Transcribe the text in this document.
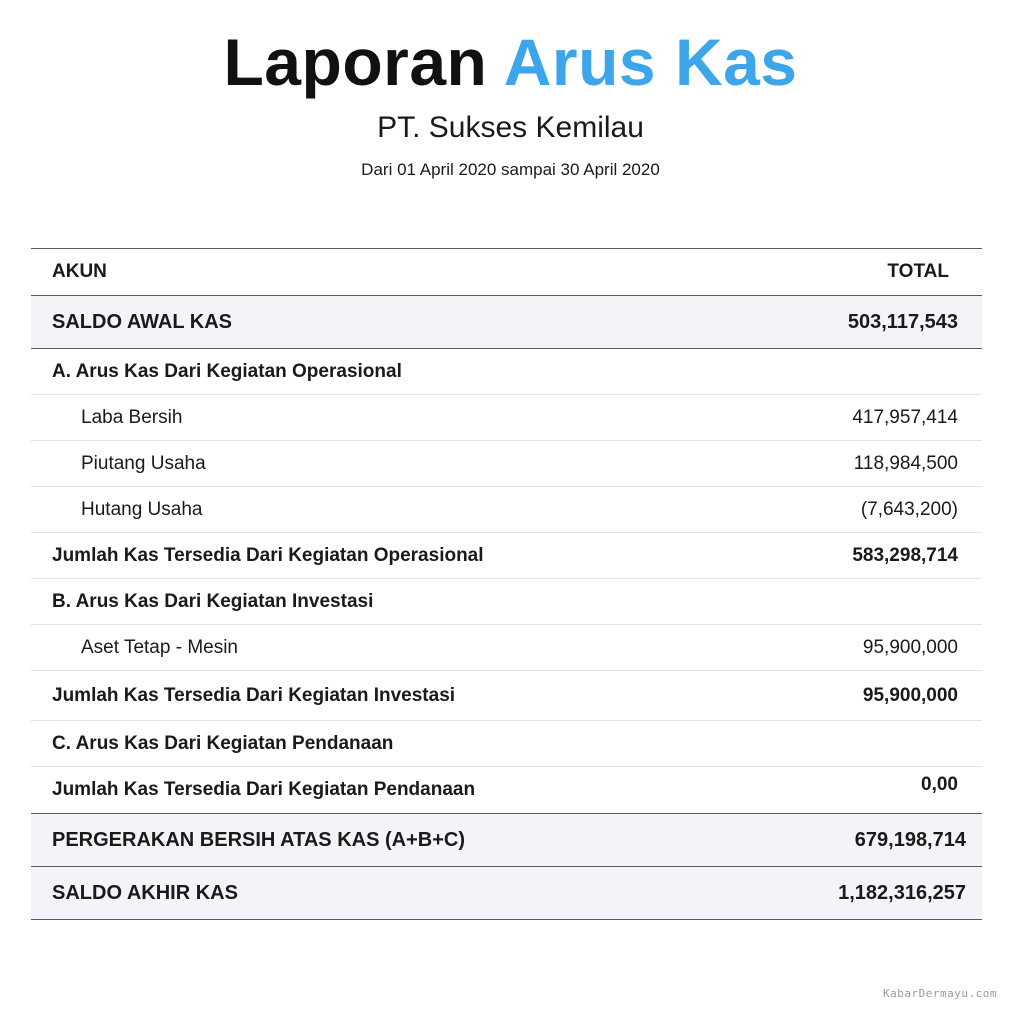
Laporan Arus Kas
PT. Sukses Kemilau
Dari 01 April 2020 sampai 30 April 2020
AKUN	TOTAL
SALDO AWAL KAS	503,117,543
A. Arus Kas Dari Kegiatan Operasional
Laba Bersih	417,957,414
Piutang Usaha	118,984,500
Hutang Usaha	(7,643,200)
Jumlah Kas Tersedia Dari Kegiatan Operasional	583,298,714
B. Arus Kas Dari Kegiatan Investasi
Aset Tetap - Mesin	95,900,000
Jumlah Kas Tersedia Dari Kegiatan Investasi	95,900,000
C. Arus Kas Dari Kegiatan Pendanaan
Jumlah Kas Tersedia Dari Kegiatan Pendanaan	0,00
PERGERAKAN BERSIH ATAS KAS (A+B+C)	679,198,714
SALDO AKHIR KAS	1,182,316,257
KabarDermayu.com
